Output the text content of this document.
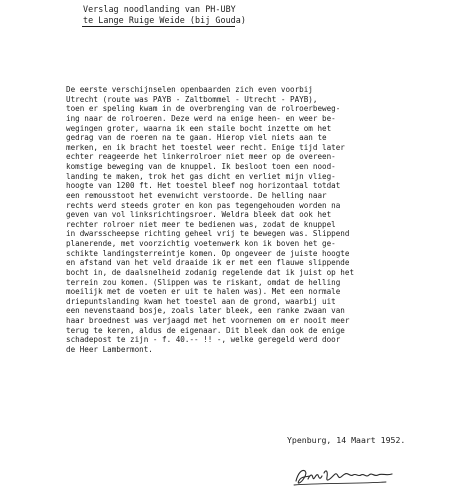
Verslag noodlanding van PH-UBY
te Lange Ruige Weide (bij Gouda)
De eerste verschijnselen openbaarden zich even voorbij
Utrecht (route was PAYB - Zaltbommel - Utrecht - PAYB),
toen er speling kwam in de overbrenging van de rolroerbeweg-
ing naar de rolroeren. Deze werd na enige heen- en weer be-
wegingen groter, waarna ik een staile bocht inzette om het
gedrag van de roeren na te gaan. Hierop viel niets aan te
merken, en ik bracht het toestel weer recht. Enige tijd later
echter reageerde het linkerrolroer niet meer op de overeen-
komstige beweging van de knuppel. Ik besloot toen een nood-
landing te maken, trok het gas dicht en verliet mijn vlieg-
hoogte van 1200 ft. Het toestel bleef nog horizontaal totdat
een remousstoot het evenwicht verstoorde. De helling naar
rechts werd steeds groter en kon pas tegengehouden worden na
geven van vol linksrichtingsroer. Weldra bleek dat ook het
rechter rolroer niet meer te bedienen was, zodat de knuppel
in dwarsscheepse richting geheel vrij te bewegen was. Slippend
planerende, met voorzichtig voetenwerk kon ik boven het ge-
schikte landingsterreintje komen. Op ongeveer de juiste hoogte
en afstand van het veld draaide ik er met een flauwe slippende
bocht in, de daalsnelheid zodanig regelende dat ik juist op het
terrein zou komen. (Slippen was te riskant, omdat de helling
moeilijk met de voeten er uit te halen was). Met een normale
driepuntslanding kwam het toestel aan de grond, waarbij uit
een nevenstaand bosje, zoals later bleek, een ranke zwaan van
haar broednest was verjaagd met het voornemen om er nooit meer
terug te keren, aldus de eigenaar. Dit bleek dan ook de enige
schadepost te zijn - f. 40.-- !! -, welke geregeld werd door
de Heer Lambermont.
Ypenburg, 14 Maart 1952.
